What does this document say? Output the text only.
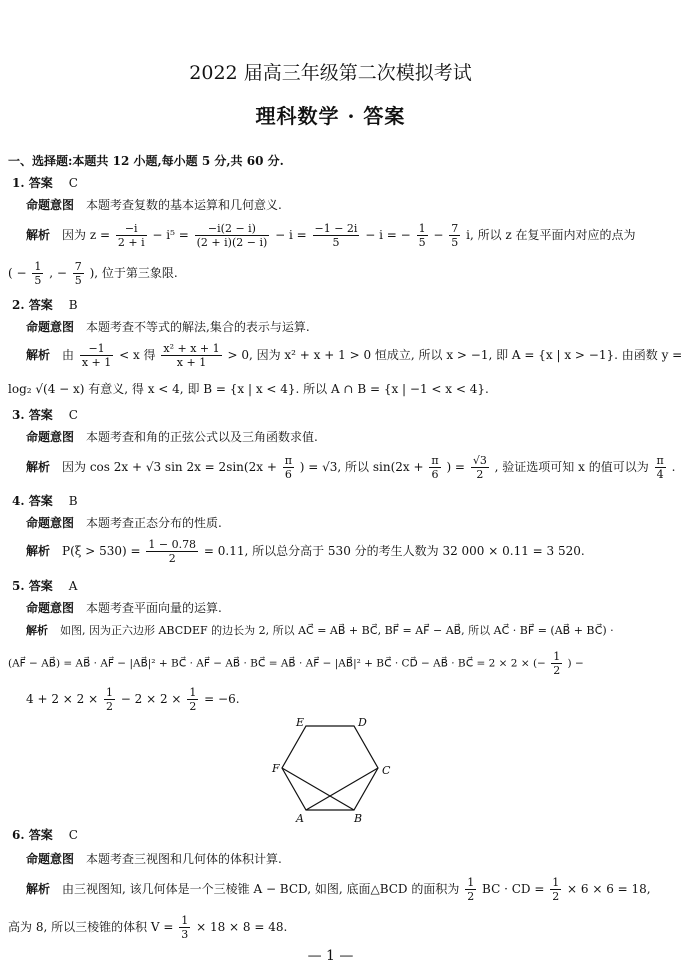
2022 届高三年级第二次模拟考试
理科数学 · 答案
一、选择题:本题共 12 小题,每小题 5 分,共 60 分.
1. 答案 C
命题意图 本题考查复数的基本运算和几何意义.
解析 因为 $z = \frac{-i}{2 + i} - i^5 = \frac{-i(2 - i)}{(2 + i)(2 - i)} - i = \frac{-1 - 2i}{5} - i$ = − $\frac{1}{5} - \frac{7}{5} i$, 所以 z 在复平面内对应的点为
( − $\frac{1}{5}$ , − $\frac{7}{5}$ ), 位于第三象限.
2. 答案 B
命题意图 本题考查不等式的解法,集合的表示与运算.
解析 由 $\frac{-1}{x + 1} < x$ 得 $\frac{\text{x² + x + 1}}{x + 1} > 0$, 因为 x² + x + 1 > 0 恒成立, 所以 x > −1, 即 A = {x | x > −1}. 由函数 y =
log₂ √(4 − x) 有意义, 得 x < 4, 即 B = {x | x < 4}. 所以 A ∩ B = {x | −1 < x < 4}.
3. 答案 C
命题意图 本题考查和角的正弦公式以及三角函数求值.
解析 因为 cos 2x + √3 $\sin 2x = 2\sin(2x + \frac{\pi}{6}$ ) = √3, 所以 $\sin(2x + \frac{\pi}{6}$ ) = $\frac{√3}{2}$ , 验证选项可知 x 的值可以为 $\frac{\pi}{4}$ .
4. 答案 B
命题意图 本题考查正态分布的性质.
解析 $P(\xi > 530) = \frac{1 - 0.78}{2} = 0.11$, 所以总分高于 530 分的考生人数为 32 000 × 0.11 = 3 520.
5. 答案 A
命题意图 本题考查平面向量的运算.
解析 如图, 因为正六边形 ABCDEF 的边长为 2, 所以 AC⃗ = AB⃗ + BC⃗, BF⃗ = AF⃗ − AB⃗, 所以 AC⃗ · BF⃗ = (AB⃗ + BC⃗) ·
(AF⃗ − AB⃗) = AB⃗ · AF⃗ − |AB⃗|² + BC⃗ · AF⃗ − AB⃗ · BC⃗ = AB⃗ · AF⃗ − |AB⃗|² + BC⃗ · CD⃗ − AB⃗ · BC⃗ = 2 × 2 × (− $\frac{1}{2}$ ) −
$4 + 2 \times 2 \times \frac{1}{2} - 2 \times 2 \times \frac{1}{2} = -6$.
E	D
F	C
A	B
6. 答案 C
命题意图 本题考查三视图和几何体的体积计算.
解析 由三视图知, 该几何体是一个三棱锥 A − BCD, 如图, 底面△BCD 的面积为 $\frac{1}{2}$ BC · CD = $\frac{1}{2} \times 6 \times 6 = 18$,
高为 8, 所以三棱锥的体积 $V = \frac{1}{3} \times 18 \times 8 = 48$.
— 1 —
